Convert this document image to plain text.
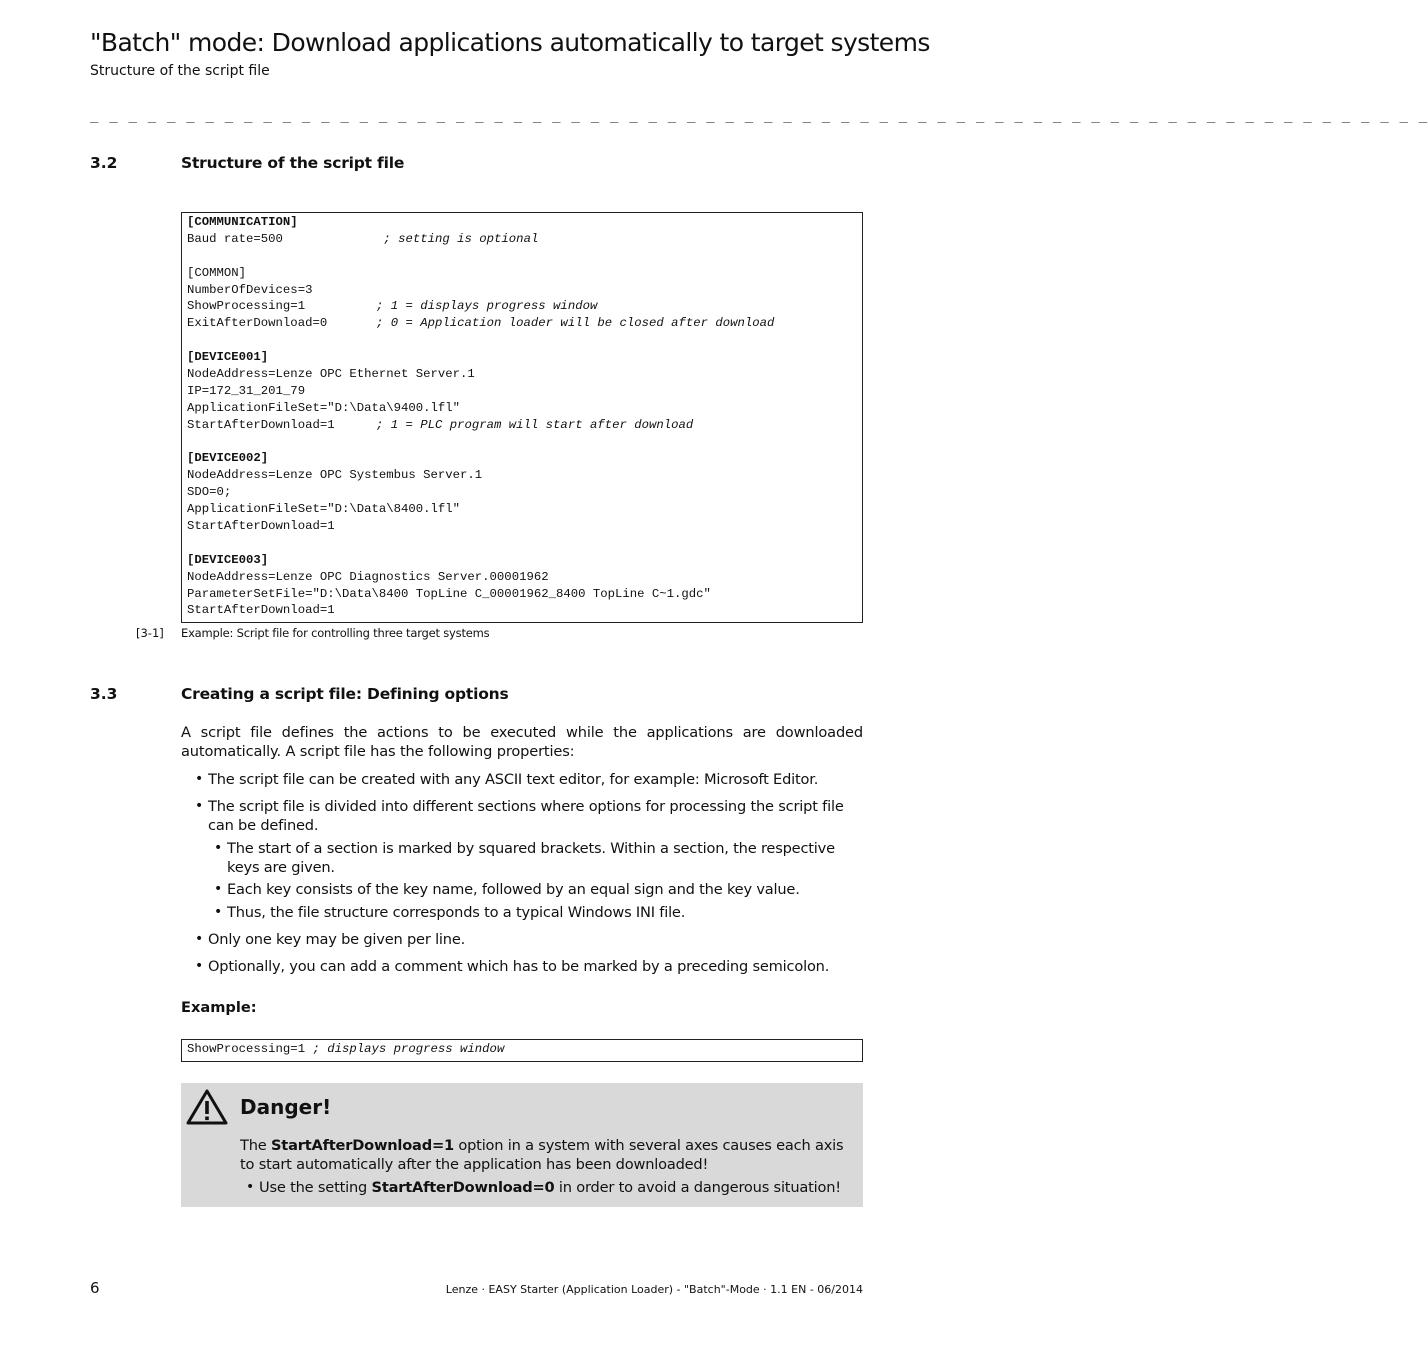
"Batch" mode: Download applications automatically to target systems
Structure of the script file
_ _ _ _ _ _ _ _ _ _ _ _ _ _ _ _ _ _ _ _ _ _ _ _ _ _ _ _ _ _ _ _ _ _ _ _ _ _ _ _ _ _ _ _ _ _ _ _ _ _ _ _ _ _ _ _ _ _ _ _ _ _ _ _ _ _ _ _ _ _
3.2	Structure of the script file
[COMMUNICATION]
Baud rate=500	; setting is optional
[COMMON]
NumberOfDevices=3
ShowProcessing=1	; 1 = displays progress window
ExitAfterDownload=0	; 0 = Application loader will be closed after download
[DEVICE001]
NodeAddress=Lenze OPC Ethernet Server.1
IP=172_31_201_79
ApplicationFileSet="D:\Data\9400.lfl"
StartAfterDownload=1	; 1 = PLC program will start after download
[DEVICE002]
NodeAddress=Lenze OPC Systembus Server.1
SDO=0;
ApplicationFileSet="D:\Data\8400.lfl"
StartAfterDownload=1
[DEVICE003]
NodeAddress=Lenze OPC Diagnostics Server.00001962
ParameterSetFile="D:\Data\8400 TopLine C_00001962_8400 TopLine C~1.gdc"
StartAfterDownload=1
[3-1] Example: Script file for controlling three target systems
3.3	Creating a script file: Defining options
A script file defines the actions to be executed while the applications are downloaded automatically. A script file has the following properties:
• The script file can be created with any ASCII text editor, for example: Microsoft Editor.
• The script file is divided into different sections where options for processing the script file can be defined.
• The start of a section is marked by squared brackets. Within a section, the respective keys are given.
• Each key consists of the key name, followed by an equal sign and the key value.
• Thus, the file structure corresponds to a typical Windows INI file.
• Only one key may be given per line.
• Optionally, you can add a comment which has to be marked by a preceding semicolon.
Example:
ShowProcessing=1 ; displays progress window
Danger!
The StartAfterDownload=1 option in a system with several axes causes each axis to start automatically after the application has been downloaded!
• Use the setting StartAfterDownload=0 in order to avoid a dangerous situation!
6	Lenze · EASY Starter (Application Loader) - "Batch"-Mode · 1.1 EN - 06/2014
